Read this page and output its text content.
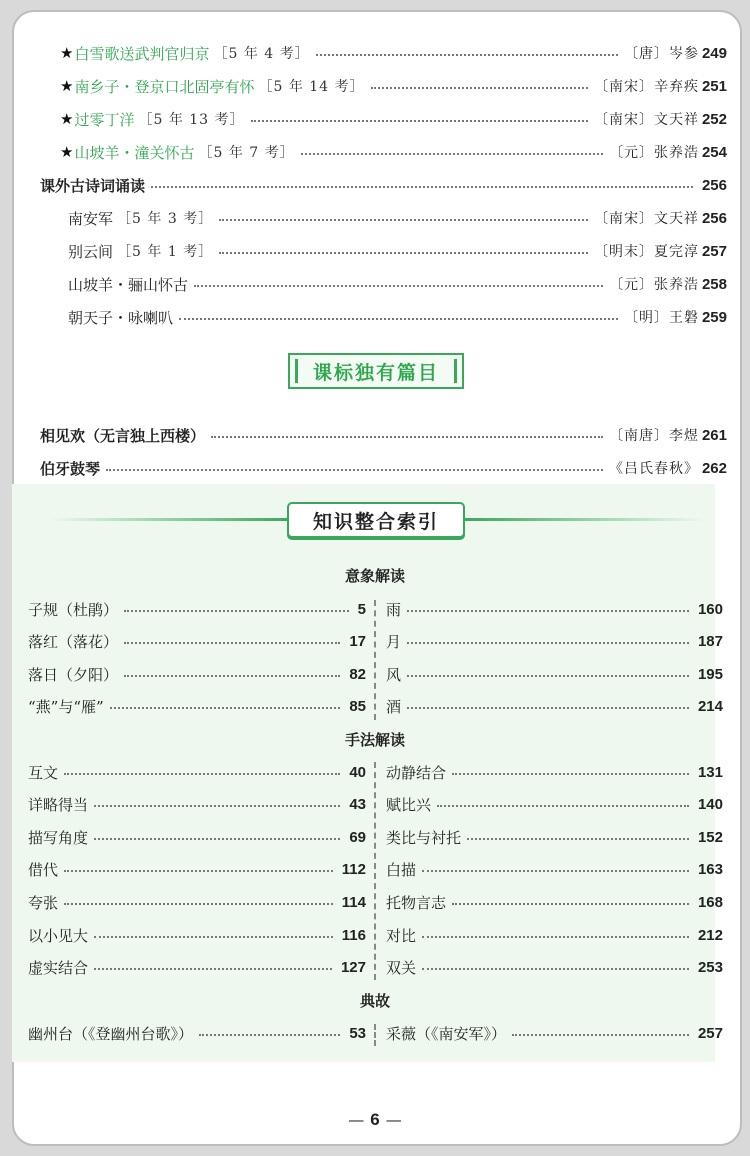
★ 白雪歌送武判官归京 ［5 年 4 考］	〔唐〕岑参 249
★ 南乡子・登京口北固亭有怀 ［5 年 14 考］	〔南宋〕辛弃疾 251
★ 过零丁洋 ［5 年 13 考］	〔南宋〕文天祥 252
★ 山坡羊・潼关怀古 ［5 年 7 考］	〔元〕张养浩 254
课外古诗词诵读	256
南安军 ［5 年 3 考］	〔南宋〕文天祥 256
别云间 ［5 年 1 考］	〔明末〕夏完淳 257
山坡羊・骊山怀古	〔元〕张养浩 258
朝天子・咏喇叭	〔明〕王磐 259
课标独有篇目
相见欢（无言独上西楼）	〔南唐〕李煜 261
伯牙鼓琴	《吕氏春秋》 262
知识整合索引
意象解读
子规（杜鹃）	5
落红（落花）	17
落日（夕阳）	82
“燕”与“雁”	85
雨	160
月	187
风	195
酒	214
手法解读
互文	40
详略得当	43
描写角度	69
借代	112
夸张	114
以小见大	116
虚实结合	127
动静结合	131
赋比兴	140
类比与衬托	152
白描	163
托物言志	168
对比	212
双关	253
典故
幽州台（《登幽州台歌》）	53 采薇（《南安军》）	257
— 6 —
